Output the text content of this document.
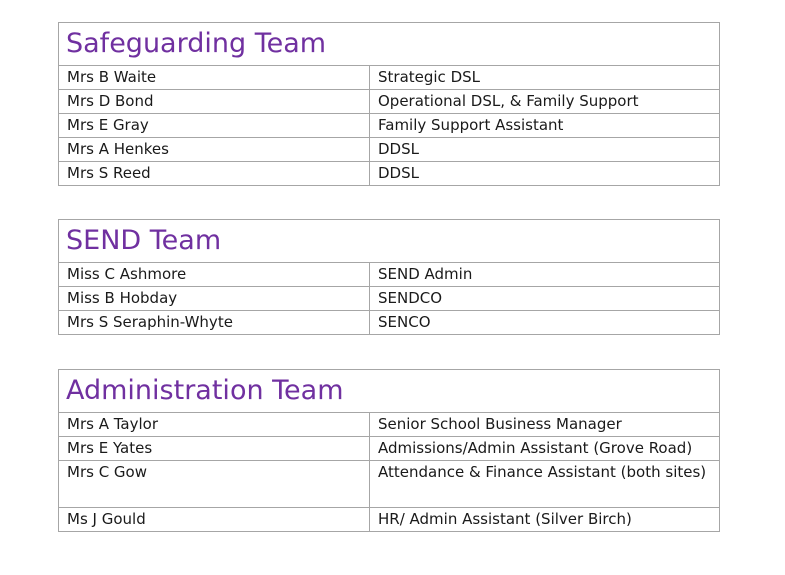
Safeguarding Team	
Mrs B Waite	Strategic DSL
Mrs D Bond	Operational DSL, & Family Support
Mrs E Gray	Family Support Assistant
Mrs A Henkes	DDSL
Mrs S Reed	DDSL
SEND Team	
Miss C Ashmore	SEND Admin
Miss B Hobday	SENDCO
Mrs S Seraphin-Whyte	SENCO
Administration Team	
Mrs A Taylor	Senior School Business Manager
Mrs E Yates	Admissions/Admin Assistant (Grove Road)
Mrs C Gow	Attendance & Finance Assistant (both sites)
Ms J Gould	HR/ Admin Assistant (Silver Birch)
